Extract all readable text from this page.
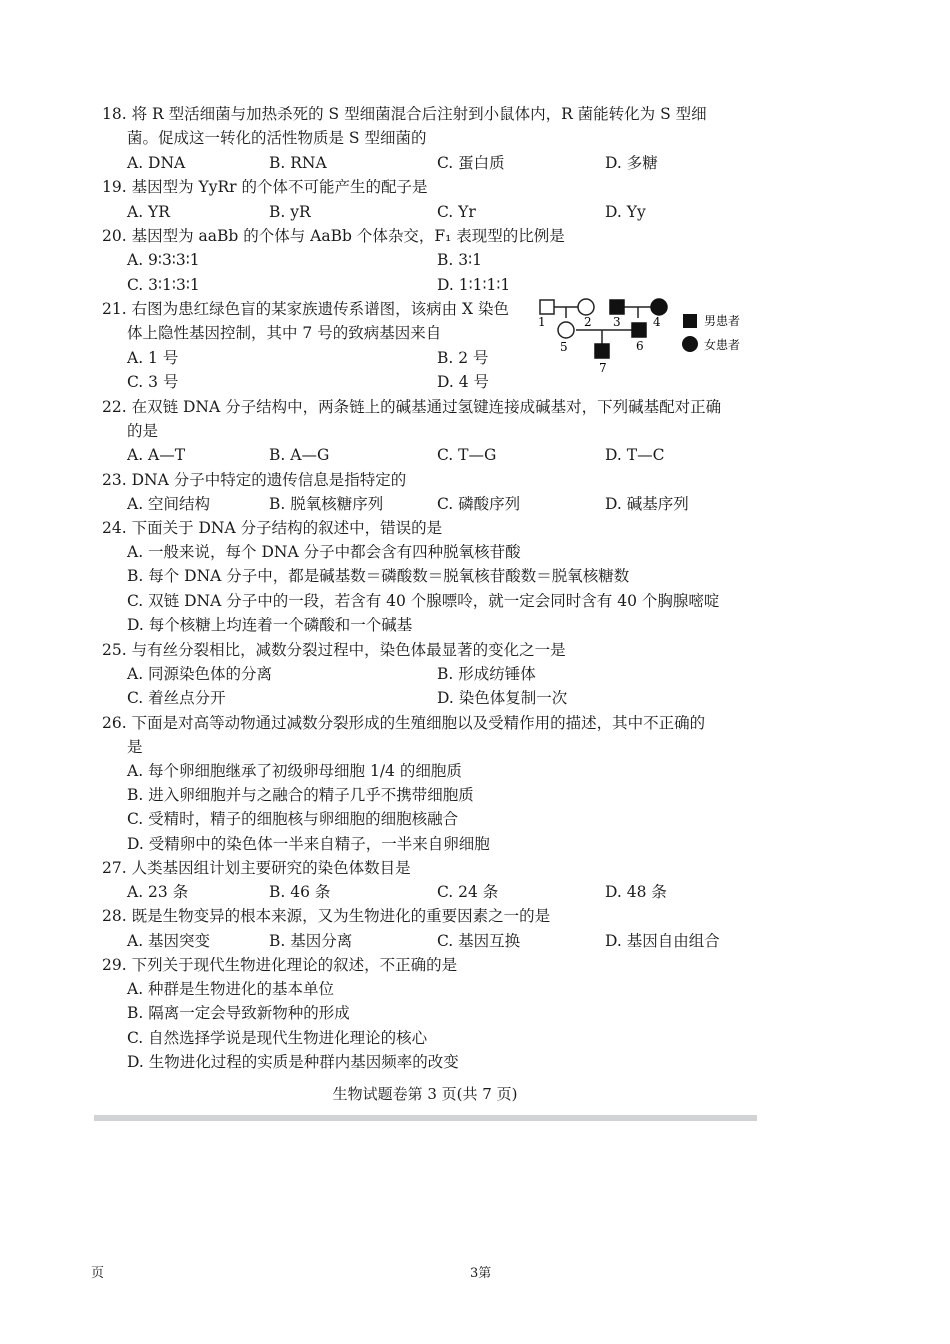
18. 将 R 型活细菌与加热杀死的 S 型细菌混合后注射到小鼠体内，R 菌能转化为 S 型细
菌。促成这一转化的活性物质是 S 型细菌的
A. DNA	B. RNA	C. 蛋白质	D. 多糖
19. 基因型为 YyRr 的个体不可能产生的配子是
A. YR	B. yR	C. Yr	D. Yy
20. 基因型为 aaBb 的个体与 AaBb 个体杂交，F₁ 表现型的比例是
A. 9∶3∶3∶1	B. 3∶1
C. 3∶1∶3∶1	D. 1∶1∶1∶1
21. 右图为患红绿色盲的某家族遗传系谱图，该病由 X 染色
体上隐性基因控制，其中 7 号的致病基因来自
A. 1 号	B. 2 号
C. 3 号	D. 4 号
1	2 3	4
5	6
7
男患者
女患者
22. 在双链 DNA 分子结构中，两条链上的碱基通过氢键连接成碱基对，下列碱基配对正确
的是
A. A—T	B. A—G	C. T—G	D. T—C
23. DNA 分子中特定的遗传信息是指特定的
A. 空间结构	B. 脱氧核糖序列	C. 磷酸序列	D. 碱基序列
24. 下面关于 DNA 分子结构的叙述中，错误的是
A. 一般来说，每个 DNA 分子中都会含有四种脱氧核苷酸
B. 每个 DNA 分子中，都是碱基数＝磷酸数＝脱氧核苷酸数＝脱氧核糖数
C. 双链 DNA 分子中的一段，若含有 40 个腺嘌呤，就一定会同时含有 40 个胸腺嘧啶
D. 每个核糖上均连着一个磷酸和一个碱基
25. 与有丝分裂相比，减数分裂过程中，染色体最显著的变化之一是
A. 同源染色体的分离	B. 形成纺锤体
C. 着丝点分开	D. 染色体复制一次
26. 下面是对高等动物通过减数分裂形成的生殖细胞以及受精作用的描述，其中不正确的
是
A. 每个卵细胞继承了初级卵母细胞 1/4 的细胞质
B. 进入卵细胞并与之融合的精子几乎不携带细胞质
C. 受精时，精子的细胞核与卵细胞的细胞核融合
D. 受精卵中的染色体一半来自精子，一半来自卵细胞
27. 人类基因组计划主要研究的染色体数目是
A. 23 条	B. 46 条	C. 24 条	D. 48 条
28. 既是生物变异的根本来源，又为生物进化的重要因素之一的是
A. 基因突变	B. 基因分离	C. 基因互换	D. 基因自由组合
29. 下列关于现代生物进化理论的叙述，不正确的是
A. 种群是生物进化的基本单位
B. 隔离一定会导致新物种的形成
C. 自然选择学说是现代生物进化理论的核心
D. 生物进化过程的实质是种群内基因频率的改变
生物试题卷第 3 页(共 7 页)
页	3第
